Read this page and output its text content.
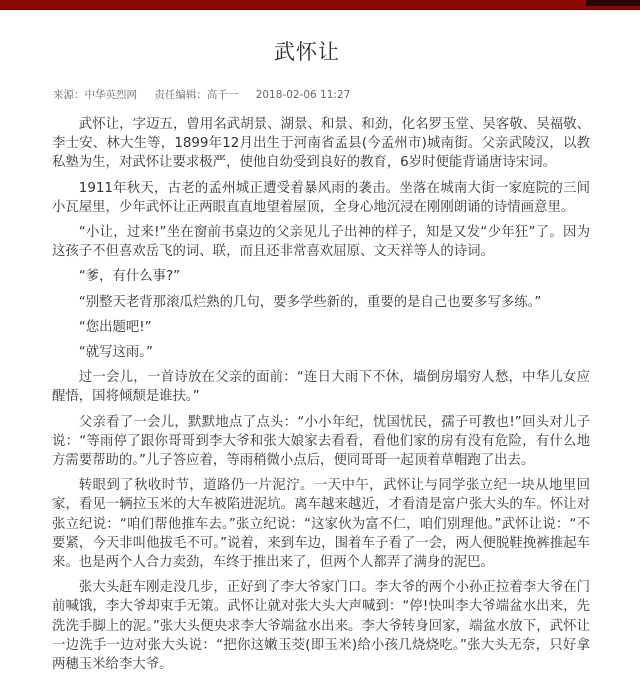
武怀让
来源：中华英烈网 责任编辑：高千一 2018-02-06 11:27

武怀让，字迈五，曾用名武胡景、湖景、和景、和劲，化名罗玉堂、吴客敬、吴福敬、李士安、林大生等，1899年12月出生于河南省孟县(今孟州市)城南街。父亲武陵汉，以教私塾为生，对武怀让要求极严，使他自幼受到良好的教育，6岁时便能背诵唐诗宋词。

1911年秋天，古老的孟州城正遭受着暴风雨的袭击。坐落在城南大街一家庭院的三间小瓦屋里，少年武怀让正两眼直直地望着屋顶，全身心地沉浸在刚刚朗诵的诗情画意里。

“小让，过来!”坐在窗前书桌边的父亲见儿子出神的样子，知是又发“少年狂”了。因为这孩子不但喜欢岳飞的词、联，而且还非常喜欢屈原、文天祥等人的诗词。

“爹，有什么事?”

“别整天老背那滚瓜烂熟的几句，要多学些新的，重要的是自己也要多写多练。”

“您出题吧!”

“就写这雨。”

过一会儿，一首诗放在父亲的面前：“连日大雨下不休，墙倒房塌穷人愁，中华儿女应醒悟，国将倾颓是谁扶。”

父亲看了一会儿，默默地点了点头：“小小年纪，忧国忧民，孺子可教也!”回头对儿子说：“等雨停了跟你哥哥到李大爷和张大娘家去看看，看他们家的房有没有危险，有什么地方需要帮助的。”儿子答应着，等雨稍微小点后，便同哥哥一起顶着草帽跑了出去。

转眼到了秋收时节，道路仍一片泥泞。一天中午，武怀让与同学张立纪一块从地里回家，看见一辆拉玉米的大车被陷进泥坑。离车越来越近，才看清是富户张大头的车。怀让对张立纪说：“咱们帮他推车去。”张立纪说：“这家伙为富不仁，咱们别理他。”武怀让说：“不要紧，今天非叫他拔毛不可。”说着，来到车边，围着车子看了一会，两人便脱鞋挽裤推起车来。也是两个人合力卖劲，车终于推出来了，但两个人都弄了满身的泥巴。

张大头赶车刚走没几步，正好到了李大爷家门口。李大爷的两个小孙正拉着李大爷在门前喊饿，李大爷却束手无策。武怀让就对张大头大声喊到：“停!快叫李大爷端盆水出来，先洗洗手脚上的泥。”张大头便央求李大爷端盆水出来。李大爷转身回家，端盆水放下，武怀让一边洗手一边对张大头说：“把你这嫩玉茭(即玉米)给小孩几烧烧吃。”张大头无奈，只好拿两穗玉米给李大爷。
